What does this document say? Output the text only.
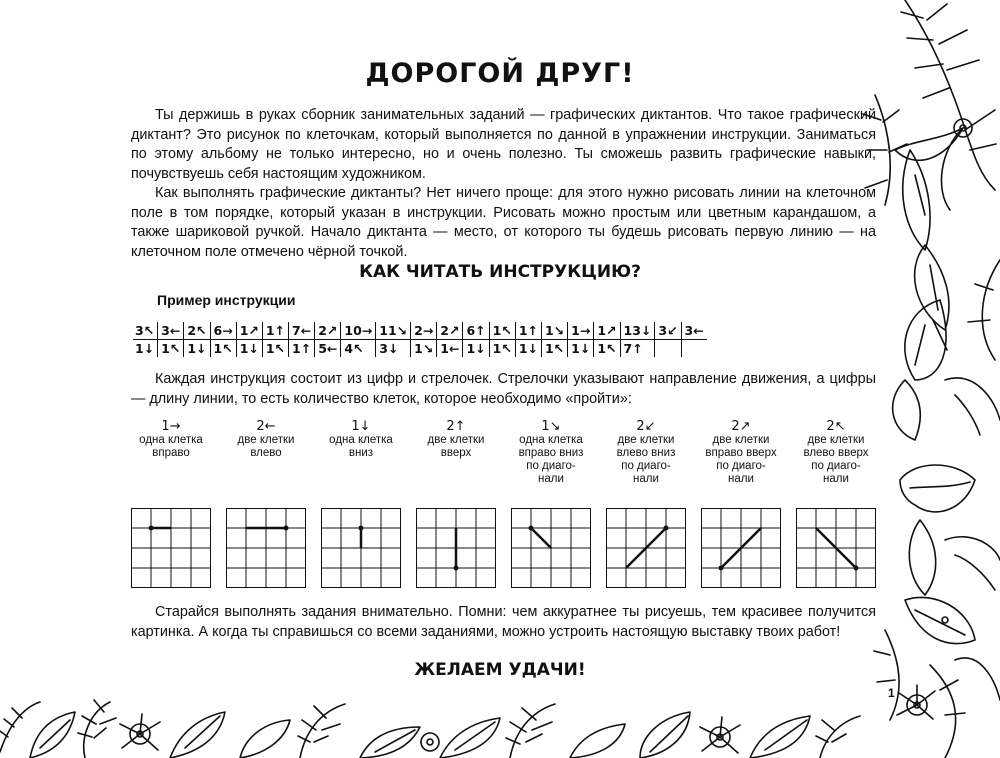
ДОРОГОЙ ДРУГ!

Ты держишь в руках сборник занимательных заданий — графических диктантов. Что такое графический диктант? Это рисунок по клеточкам, который выполняется по данной в упражнении инструкции. Заниматься по этому альбому не только интересно, но и очень полезно. Ты сможешь развить графические навыки, почувствуешь себя настоящим художником.

Как выполнять графические диктанты? Нет ничего проще: для этого нужно рисовать линии на клеточном поле в том порядке, который указан в инструкции. Рисовать можно простым или цветным карандашом, а также шариковой ручкой. Начало диктанта — место, от которого ты будешь рисовать первую линию — на клеточном поле отмечено чёрной точкой.

КАК ЧИТАТЬ ИНСТРУКЦИЮ?
Пример инструкции
3↖	3←	2↖	6→	1↗	1↑	7←	2↗	10→	11↘	2→	2↗	6↑	1↖	1↑	1↘	1→	1↗	13↓	3↙	3←
1↓	1↖	1↓	1↖	1↓	1↖	1↑	5←	4↖	3↓	1↘	1←	1↓	1↖	1↓	1↖	1↓	1↖	7↑		

Каждая инструкция состоит из цифр и стрелочек. Стрелочки указывают направление движения, а цифры — длину линии, то есть количество клеток, которое необходимо «пройти»:

1→
одна клетка
вправо
2←
две клетки
влево
1↓
одна клетка
вниз
2↑
две клетки
вверх
1↘
одна клетка
вправо вниз
по диаго-
нали
2↙
две клетки
влево вниз
по диаго-
нали
2↗
две клетки
вправо вверх
по диаго-
нали
2↖
две клетки
влево вверх
по диаго-
нали

Старайся выполнять задания внимательно. Помни: чем аккуратнее ты рисуешь, тем красивее получится картинка. А когда ты справишься со всеми заданиями, можно устроить настоящую выставку твоих работ!

ЖЕЛАЕМ УДАЧИ!
1
